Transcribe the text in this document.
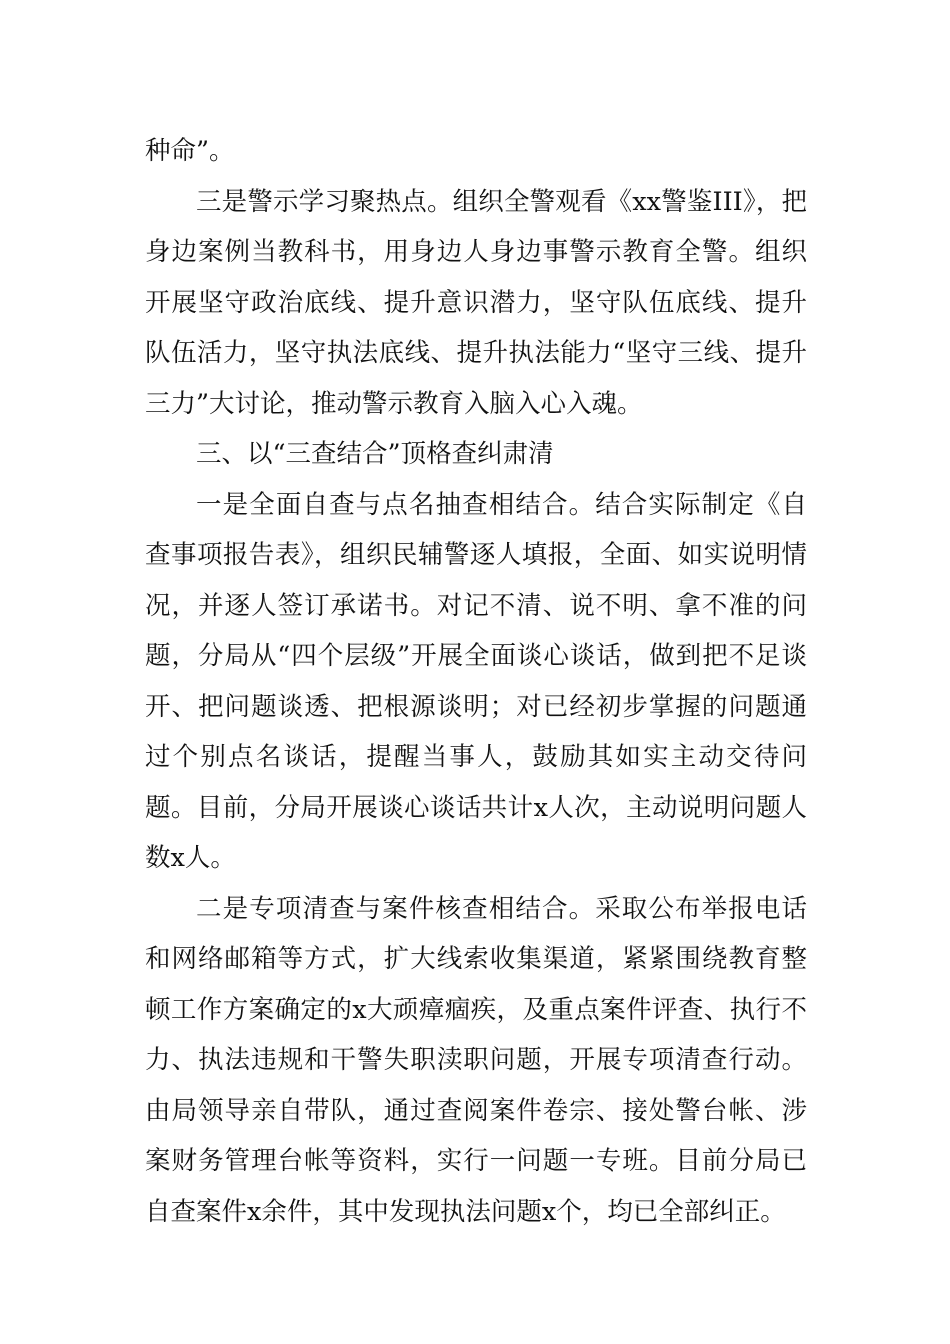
种命”。

三是警示学习聚热点。组织全警观看《xx警鉴III》，把身边案例当教科书，用身边人身边事警示教育全警。组织开展坚守政治底线、提升意识潜力，坚守队伍底线、提升队伍活力，坚守执法底线、提升执法能力“坚守三线、提升三力”大讨论，推动警示教育入脑入心入魂。

三、以“三查结合”顶格查纠肃清

一是全面自查与点名抽查相结合。结合实际制定《自查事项报告表》，组织民辅警逐人填报，全面、如实说明情况，并逐人签订承诺书。对记不清、说不明、拿不准的问题，分局从“四个层级”开展全面谈心谈话，做到把不足谈开、把问题谈透、把根源谈明；对已经初步掌握的问题通过个别点名谈话，提醒当事人，鼓励其如实主动交待问题。目前，分局开展谈心谈话共计x人次，主动说明问题人数x人。

二是专项清查与案件核查相结合。采取公布举报电话和网络邮箱等方式，扩大线索收集渠道，紧紧围绕教育整顿工作方案确定的x大顽瘴痼疾，及重点案件评查、执行不力、执法违规和干警失职渎职问题，开展专项清查行动。由局领导亲自带队，通过查阅案件卷宗、接处警台帐、涉案财务管理台帐等资料，实行一问题一专班。目前分局已自查案件x余件，其中发现执法问题x个，均已全部纠正。
